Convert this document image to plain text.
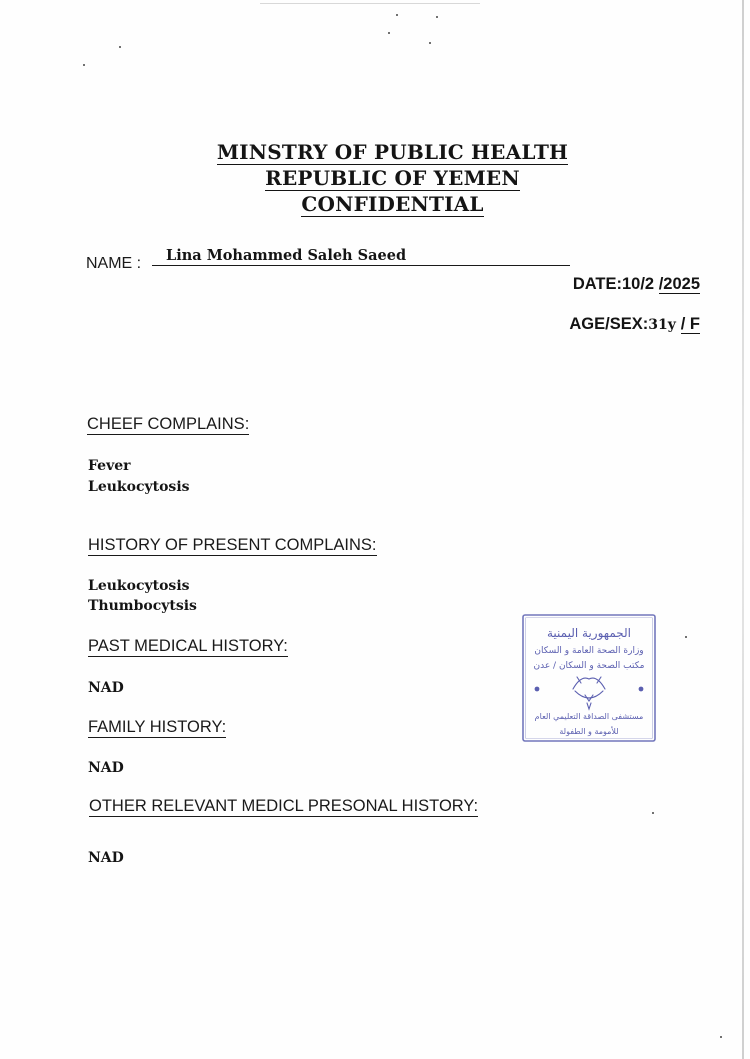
MINSTRY OF PUBLIC HEALTH
REPUBLIC OF YEMEN
CONFIDENTIAL
NAME : Lina Mohammed Saleh Saeed
DATE:10/2 /2025
AGE/SEX:31y / F
CHEEF COMPLAINS:
Fever
Leukocytosis
HISTORY OF PRESENT COMPLAINS:
Leukocytosis
Thumbocytsis
PAST MEDICAL HISTORY:
NAD
FAMILY HISTORY:
NAD
OTHER RELEVANT MEDICL PRESONAL HISTORY:
NAD
الجمهورية اليمنية
وزارة الصحة العامة و السكان
مكتب الصحة و السكان / عدن
مستشفى الصداقة التعليمي العام
للأمومة و الطفولة
